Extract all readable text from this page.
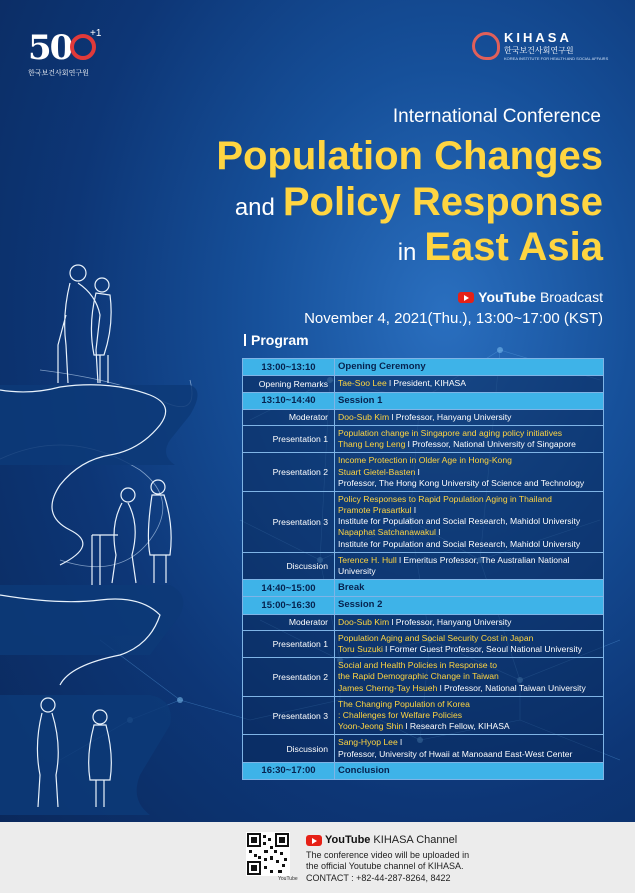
50 +1
한국보건사회연구원
KIHASA
한국보건사회연구원
KOREA INSTITUTE FOR HEALTH AND SOCIAL AFFAIRS
International Conference
Population Changes
and Policy Response
in East Asia
YouTube Broadcast
November 4, 2021(Thu.), 13:00~17:00 (KST)
Program
13:00~13:10	Opening Ceremony

Opening Remarks	Tae-Soo Lee l President, KIHASA

13:10~14:40	Session 1

Moderator	Doo-Sub Kim l Professor, Hanyang University

Presentation 1	Population change in Singapore and aging policy initiatives
Thang Leng Leng l Professor, National University of Singapore

Presentation 2	Income Protection in Older Age in Hong-Kong
Stuart Gietel-Basten l
Professor, The Hong Kong University of Science and Technology

Presentation 3	Policy Responses to Rapid Population Aging in Thailand
Pramote Prasartkul l
Institute for Population and Social Research, Mahidol University
Napaphat Satchanawakul l
Institute for Population and Social Research, Mahidol University

Discussion	Terence H. Hull l Emeritus Professor, The Australian National University

14:40~15:00	Break

15:00~16:30	Session 2

Moderator	Doo-Sub Kim l Professor, Hanyang University

Presentation 1	Population Aging and Social Security Cost in Japan
Toru Suzuki l Former Guest Professor, Seoul National University

Presentation 2	Social and Health Policies in Response to
the Rapid Demographic Change in Taiwan
James Cherng-Tay Hsueh l Professor, National Taiwan University

Presentation 3	The Changing Population of Korea
: Challenges for Welfare Policies
Yoon-Jeong Shin l Research Fellow, KIHASA

Discussion	Sang-Hyop Lee l
Professor, University of Hwaii at Manoaand East-West Center

16:30~17:00	Conclusion
YouTube
YouTube KIHASA Channel
The conference video will be uploaded in
the official Youtube channel of KIHASA.
CONTACT : +82-44-287-8264, 8422
